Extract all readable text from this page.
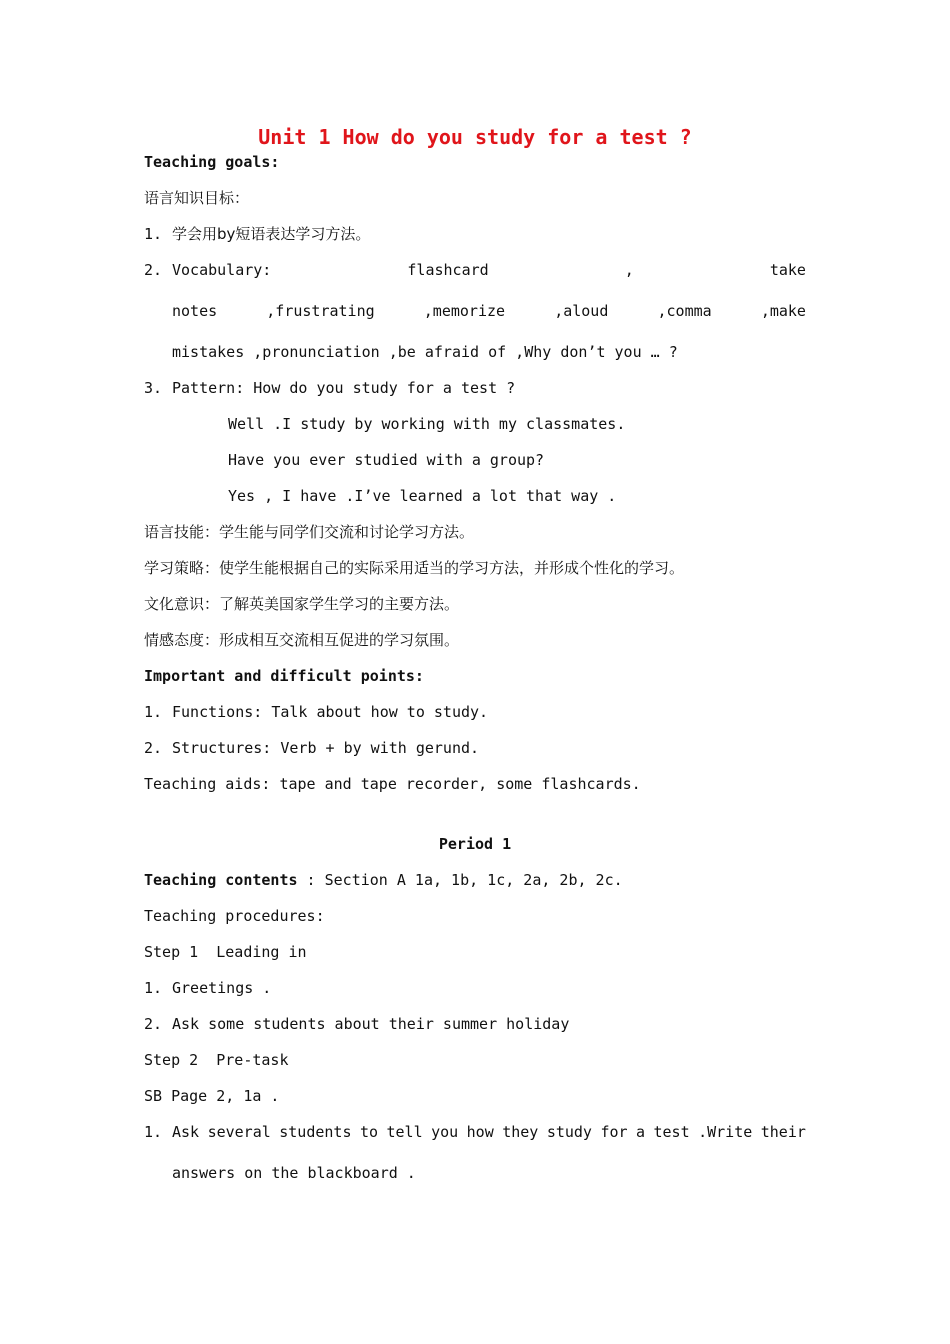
Unit 1 How do you study for a test ?
Teaching goals:
语言知识目标：
1. 学会用by短语表达学习方法。
2. Vocabulary:	flashcard	,	take
notes	,frustrating	,memorize	,aloud	,comma	,make
mistakes ,pronunciation ,be afraid of ,Why don’t you … ?
3. Pattern: How do you study for a test ?
Well .I study by working with my classmates.
Have you ever studied with a group?
Yes , I have .I’ve learned a lot that way .
语言技能：学生能与同学们交流和讨论学习方法。
学习策略：使学生能根据自己的实际采用适当的学习方法，并形成个性化的学习。
文化意识：了解英美国家学生学习的主要方法。
情感态度：形成相互交流相互促进的学习氛围。
Important and difficult points:
1. Functions: Talk about how to study.
2. Structures: Verb + by with gerund.
Teaching aids: tape and tape recorder, some flashcards.
Period 1
Teaching contents : Section A 1a, 1b, 1c, 2a, 2b, 2c.
Teaching procedures:
Step 1  Leading in
1. Greetings .
2. Ask some students about their summer holiday
Step 2  Pre-task
SB Page 2, 1a .
1. Ask several students to tell you how they study for a test .Write their
answers on the blackboard .
